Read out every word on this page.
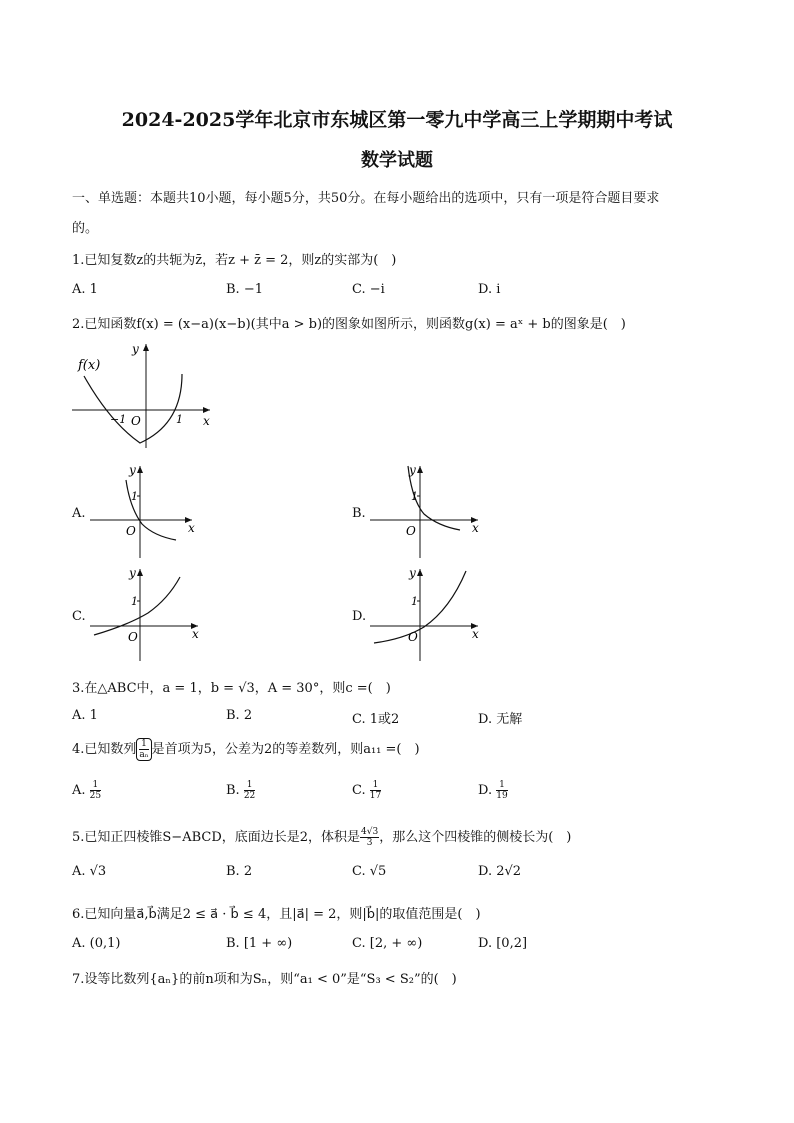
2024-2025学年北京市东城区第一零九中学高三上学期期中考试
数学试题
一、单选题：本题共10小题，每小题5分，共50分。在每小题给出的选项中，只有一项是符合题目要求
的。
1.已知复数z的共轭为z̄，若z + z̄ = 2，则z的实部为(　)
A. 1	B. −1	C. −i	D. i
2.已知函数f(x) = (x−a)(x−b)(其中a > b)的图象如图所示，则函数g(x) = aˣ + b的图象是(　)
f(x)
y
x
O
−1	1
A.
y
x
O
1
B.
y
x
O
1
C.
y
x
O
1
D.
y
x
O
1
3.在△ABC中，a = 1，b = √3，A = 30°，则c =(　)
A. 1	B. 2	C. 1或2	D. 无解
4.已知数列 $\frac{1}{\text{aₙ}}$ 是首项为5，公差为2的等差数列，则a₁₁ =(　)
A. $\frac{1}{25}$	B. $\frac{1}{22}$	C. $\frac{1}{17}$	D. $\frac{1}{19}$
5.已知正四棱锥S−ABCD，底面边长是2，体积是 $\frac{4√3}{3}$ ，那么这个四棱锥的侧棱长为(　)
A. √3	B. 2	C. √5	D. 2√2
6.已知向量a⃗,b⃗满足2 ≤ a⃗ · b⃗ ≤ 4，且|a⃗| = 2，则|b⃗|的取值范围是(　)
A. (0,1)	B. [1 + ∞)	C. [2, + ∞)	D. [0,2]
7.设等比数列{aₙ}的前n项和为Sₙ，则“a₁ < 0”是“S₃ < S₂”的(　)
